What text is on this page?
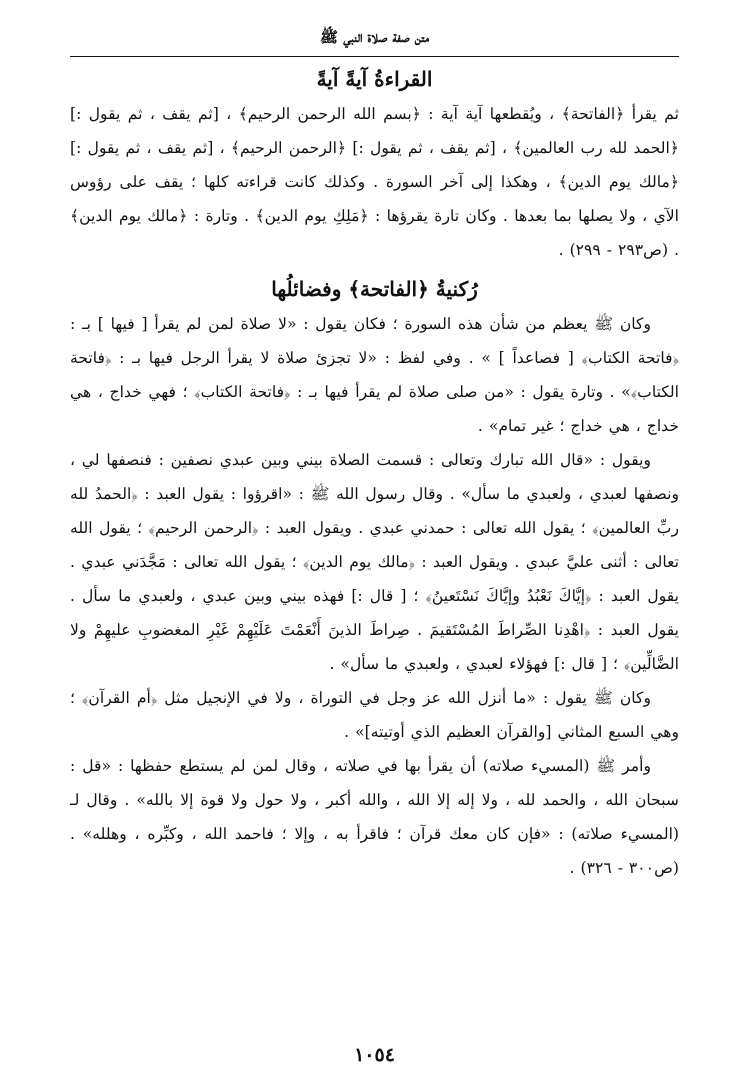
متن صفة صلاة النبي ﷺ
القراءةُ آيةً آيةً

ثم يقرأ ﴿الفاتحة﴾ ، ويُقطعها آية آية : ﴿بسم الله الرحمن الرحيم﴾ ، [ثم يقف ، ثم يقول :] ﴿الحمد لله رب العالمين﴾ ، [ثم يقف ، ثم يقول :] ﴿الرحمن الرحيم﴾ ، [ثم يقف ، ثم يقول :] ﴿مالك يوم الدين﴾ ، وهكذا إلى آخر السورة . وكذلك كانت قراءته كلها ؛ يقف على رؤوس الآي ، ولا يصلها بما بعدها . وكان تارة يقرؤها : ﴿مَلِكِ يوم الدين﴾ . وتارة : ﴿مالك يوم الدين﴾ . (ص٢٩٣ - ٢٩٩) .

رُكنيةُ ﴿الفاتحة﴾ وفضائلُها

وكان ﷺ يعظم من شأن هذه السورة ؛ فكان يقول : «لا صلاة لمن لم يقرأ [ فيها ] بـ : ﴿فاتحة الكتاب﴾ [ فصاعداً ] » . وفي لفظ : «لا تجزئ صلاة لا يقرأ الرجل فيها بـ : ﴿فاتحة الكتاب﴾» . وتارة يقول : «من صلى صلاة لم يقرأ فيها بـ : ﴿فاتحة الكتاب﴾ ؛ فهي خداج ، هي خداج ، هي خداج ؛ غير تمام» .

ويقول : «قال الله تبارك وتعالى : قسمت الصلاة بيني وبين عبدي نصفين : فنصفها لي ، ونصفها لعبدي ، ولعبدي ما سأل» . وقال رسول الله ﷺ : «اقرؤوا : يقول العبد : ﴿الحمدُ لله ربِّ العالمين﴾ ؛ يقول الله تعالى : حمدني عبدي . ويقول العبد : ﴿الرحمن الرحيم﴾ ؛ يقول الله تعالى : أثنى عليَّ عبدي . ويقول العبد : ﴿مالك يوم الدين﴾ ؛ يقول الله تعالى : مَجَّدَني عبدي . يقول العبد : ﴿إيَّاكَ نَعْبُدُ وإيَّاكَ نَسْتَعينُ﴾ ؛ [ قال :] فهذه بيني وبين عبدي ، ولعبدي ما سأل . يقول العبد : ﴿اهْدِنا الصِّراطَ المُسْتَقيمَ . صِراطَ الذينَ أَنْعَمْتَ عَلَيْهِمْ غَيْرِ المغضوبِ عليهِمْ ولا الضَّالِّين﴾ ؛ [ قال :] فهؤلاء لعبدي ، ولعبدي ما سأل» .

وكان ﷺ يقول : «ما أنزل الله عز وجل في التوراة ، ولا في الإنجيل مثل ﴿أم القرآن﴾ ؛ وهي السبع المثاني [والقرآن العظيم الذي أوتيته]» .

وأمر ﷺ (المسيء صلاته) أن يقرأ بها في صلاته ، وقال لمن لم يستطع حفظها : «قل : سبحان الله ، والحمد لله ، ولا إله إلا الله ، والله أكبر ، ولا حول ولا قوة إلا بالله» . وقال لـ (المسيء صلاته) : «فإن كان معك قرآن ؛ فاقرأ به ، وإلا ؛ فاحمد الله ، وكبِّره ، وهلله» . (ص٣٠٠ - ٣٢٦) .

١٠٥٤
